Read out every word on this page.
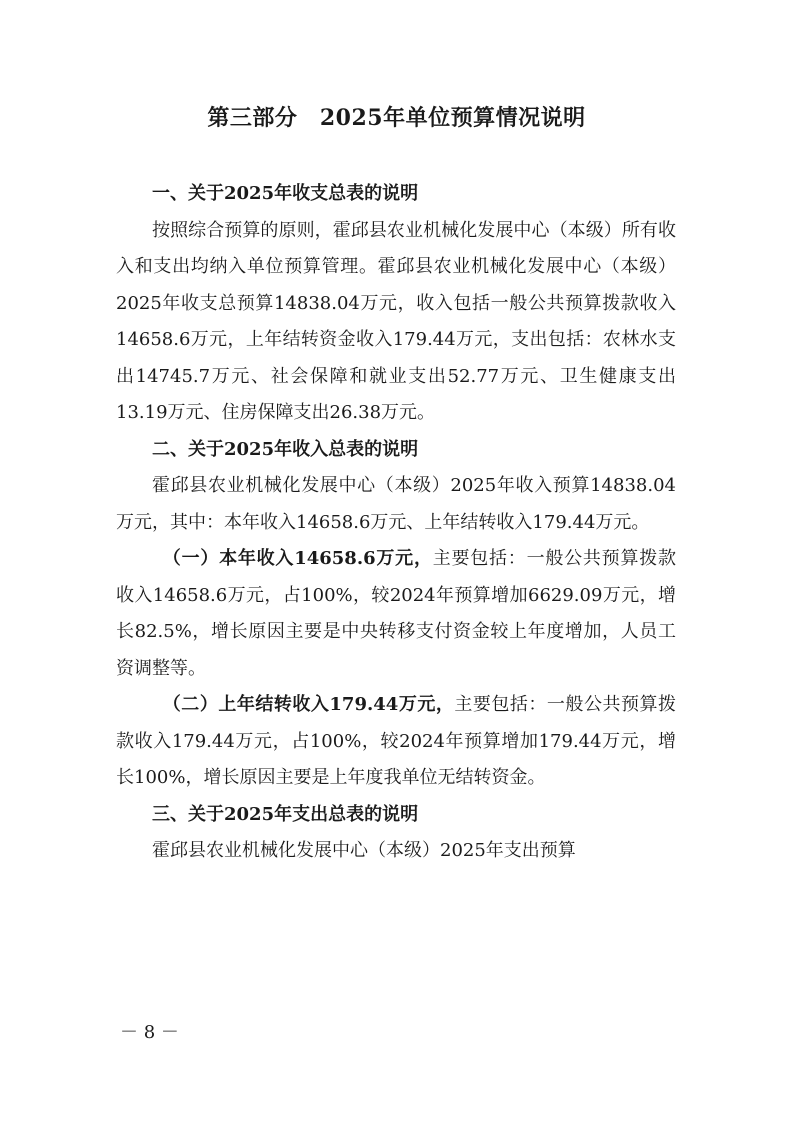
第三部分　2025年单位预算情况说明

一、关于2025年收支总表的说明

按照综合预算的原则，霍邱县农业机械化发展中心（本级）所有收入和支出均纳入单位预算管理。霍邱县农业机械化发展中心（本级）2025年收支总预算14838.04万元，收入包括一般公共预算拨款收入14658.6万元，上年结转资金收入179.44万元，支出包括：农林水支出14745.7万元、社会保障和就业支出52.77万元、卫生健康支出13.19万元、住房保障支出26.38万元。

二、关于2025年收入总表的说明

霍邱县农业机械化发展中心（本级）2025年收入预算14838.04万元，其中：本年收入14658.6万元、上年结转收入179.44万元。

（一）本年收入14658.6万元，主要包括：一般公共预算拨款收入14658.6万元，占100%，较2024年预算增加6629.09万元，增长82.5%，增长原因主要是中央转移支付资金较上年度增加，人员工资调整等。

（二）上年结转收入179.44万元，主要包括：一般公共预算拨款收入179.44万元，占100%，较2024年预算增加179.44万元，增长100%，增长原因主要是上年度我单位无结转资金。

三、关于2025年支出总表的说明

霍邱县农业机械化发展中心（本级）2025年支出预算

－ 8 －
